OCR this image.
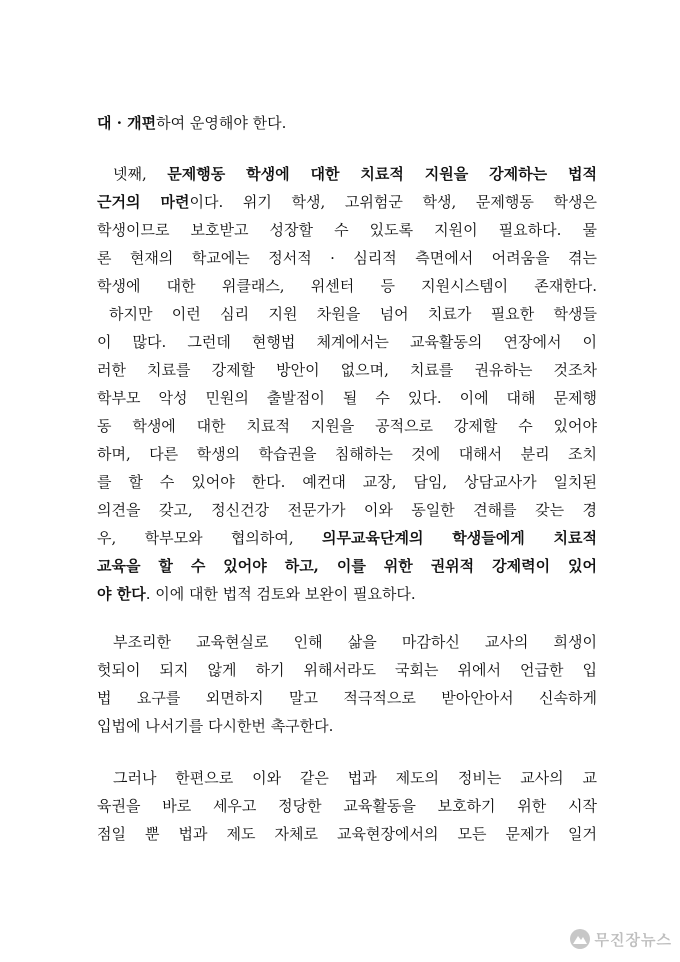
대 · 개편하여 운영해야 한다.
넷째, 문제행동 학생에 대한 치료적 지원을 강제하는 법적
근거의 마련이다. 위기 학생, 고위험군 학생, 문제행동 학생은
학생이므로 보호받고 성장할 수 있도록 지원이 필요하다. 물
론 현재의 학교에는 정서적 · 심리적 측면에서 어려움을 겪는
학생에 대한 위클래스, 위센터 등 지원시스템이 존재한다.
하지만 이런 심리 지원 차원을 넘어 치료가 필요한 학생들
이 많다. 그런데 현행법 체계에서는 교육활동의 연장에서 이
러한 치료를 강제할 방안이 없으며, 치료를 권유하는 것조차
학부모 악성 민원의 출발점이 될 수 있다. 이에 대해 문제행
동 학생에 대한 치료적 지원을 공적으로 강제할 수 있어야
하며, 다른 학생의 학습권을 침해하는 것에 대해서 분리 조치
를 할 수 있어야 한다. 예컨대 교장, 담임, 상담교사가 일치된
의견을 갖고, 정신건강 전문가가 이와 동일한 견해를 갖는 경
우, 학부모와 협의하여, 의무교육단계의 학생들에게 치료적
교육을 할 수 있어야 하고, 이를 위한 권위적 강제력이 있어
야 한다. 이에 대한 법적 검토와 보완이 필요하다.
부조리한 교육현실로 인해 삶을 마감하신 교사의 희생이
헛되이 되지 않게 하기 위해서라도 국회는 위에서 언급한 입
법 요구를 외면하지 말고 적극적으로 받아안아서 신속하게
입법에 나서기를 다시한번 촉구한다.
그러나 한편으로 이와 같은 법과 제도의 정비는 교사의 교
육권을 바로 세우고 정당한 교육활동을 보호하기 위한 시작
점일 뿐 법과 제도 자체로 교육현장에서의 모든 문제가 일거
무진장뉴스
